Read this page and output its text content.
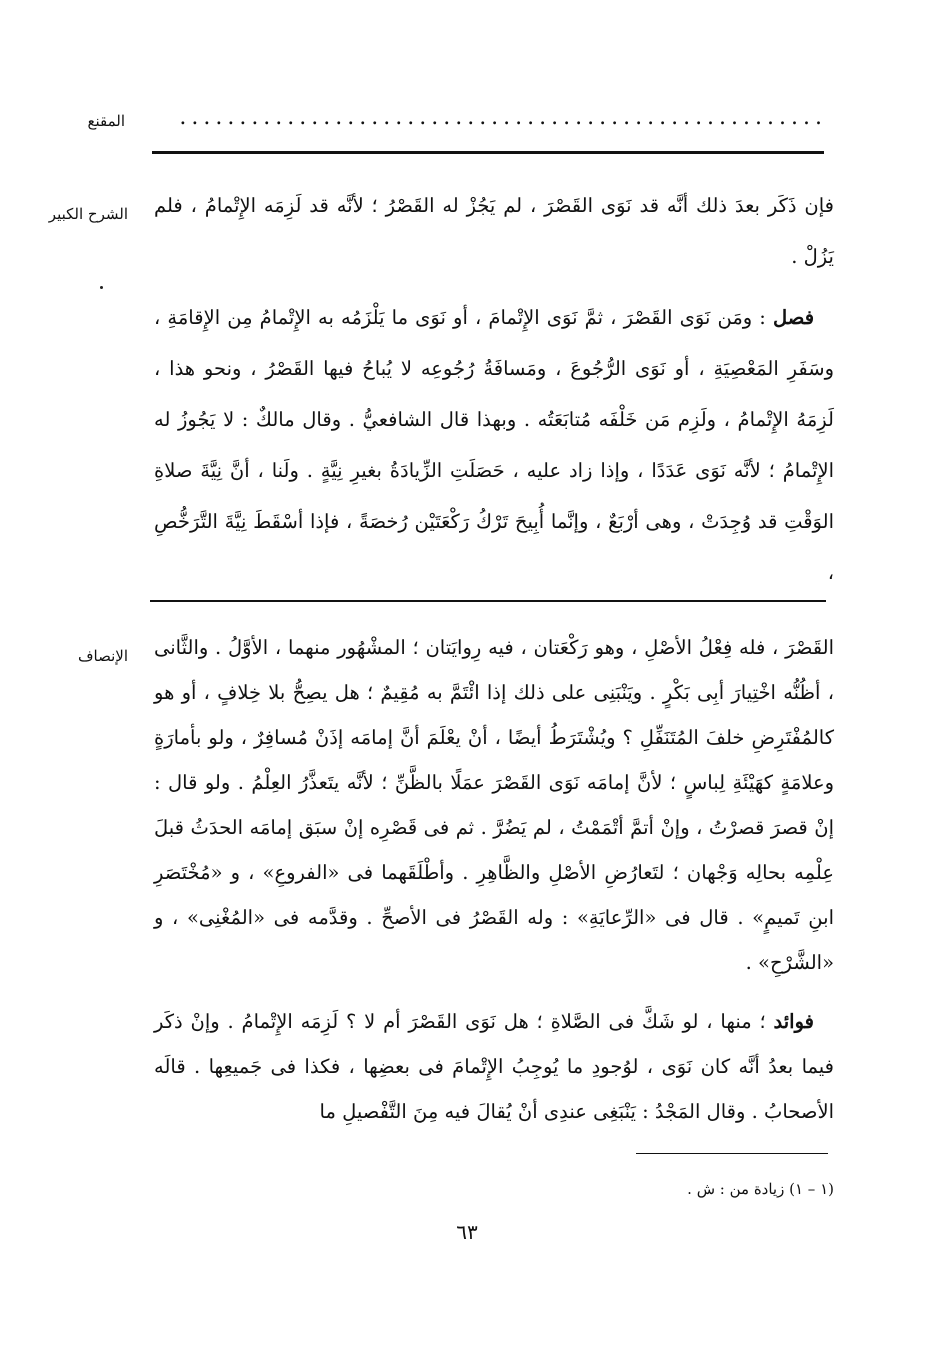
المقنع	......................................................
الشرح الكبير فإن ذَكَر بعدَ ذلك أنَّه قد نَوَى القَصْرَ ، لم يَجُزْ له القَصْرُ ؛ لأنَّه قد لَزِمَه الإِتْمامُ ، فلم يَزُلْ .

فصل : ومَن نَوَى القَصْرَ ، ثمَّ نَوَى الإِتْمامَ ، أو نَوَى ما يَلْزَمُه به الإِتْمامُ مِن الإِقامَةِ ، وسَفَرِ المَعْصِيَةِ ، أو نَوَى الرُّجُوعَ ، ومَسافَةُ رُجُوعِه لا يُباحُ فيها القَصْرُ ، ونحو هذا ، لَزِمَهُ الإِتْمامُ ، ولَزِم مَن خَلْفَه مُتابَعَتُه . وبهذا قال الشافعيُّ . وقال مالكٌ : لا يَجُوزُ له الإِتْمامُ ؛ لأنَّه نَوَى عَدَدًا ، وإذا زاد عليه ، حَصَلَتِ الزِّيادَةُ بغيرِ نِيَّةٍ . ولَنا ، أنَّ نِيَّةَ صلاةِ الوَقْتِ قد وُجِدَتْ ، وهى أرْبَعٌ ، وإنَّما أُبِيحَ تَرْكُ رَكْعَتَيْن رُخصَةً ، فإذا أسْقَطَ نِيَّةَ التَّرَخُّصِ ،

الإنصاف القَصْرَ ، فله فِعْلُ الأصْلِ ، وهو رَكْعَتان ، فيه رِوايَتان ؛ المشْهُور منهما ، الأوَّلُ . والثَّانى ، أظُنُّه اخْتِيارَ أبِى بَكْرٍ . ويَنْبَنِى على ذلك إذا ائْتَمَّ به مُقِيمٌ ؛ هل يصِحُّ بلا خِلافٍ ، أو هو كالمُفْتَرِضِ خلفَ المُتَنَفِّلِ ؟ ويُشْتَرَطُ أيضًا ، أنْ يعْلَمَ أنَّ إمامَه إذَنْ مُسافِرٌ ، ولو بأمارَةٍ وعلامَةٍ كهَيْئَةِ لِباسٍ ؛ لأنَّ إمامَه نَوَى القَصْرَ عمَلًا بالظَّنِّ ؛ لأنَّه يتَعذَّرُ العِلْمُ . ولو قال : إنْ قصرَ قصرْتُ ، وإنْ أتمَّ أتْمَمْتُ ، لم يَضُرَّ . ثم فى قَصْرِه إنْ سبَق إمامَه الحدَثُ قبلَ عِلْمِه بحالِه وَجْهان ؛ لتَعارُضِ الأصْلِ والظَّاهِرِ . وأطْلَقَهما فى «الفروعِ» ، و «مُخْتَصَرِ ابنِ تَميمٍ» . قال فى «الرِّعايَةِ» : وله القَصْرُ فى الأصحِّ . وقدَّمه فى «المُغْنِى» ، و «الشَّرْحِ» .

فوائد ؛ منها ، لو شَكَّ فى الصَّلاةِ ؛ هل نَوَى القَصْرَ أم لا ؟ لَزِمَه الإِتْمامُ . وإنْ ذكَر فيما بعدُ أنَّه كان نَوَى ، لوُجودِ ما يُوجِبُ الإِتْمامَ فى بعضِها ، فكذا فى جَميعِها . قالَه الأصحابُ . وقال المَجْدُ : يَنْبَغِى عندِى أنْ يُقالَ فيه مِنَ التَّفْصيلِ ما

(١ – ١) زيادة من : ش .
٦٣
